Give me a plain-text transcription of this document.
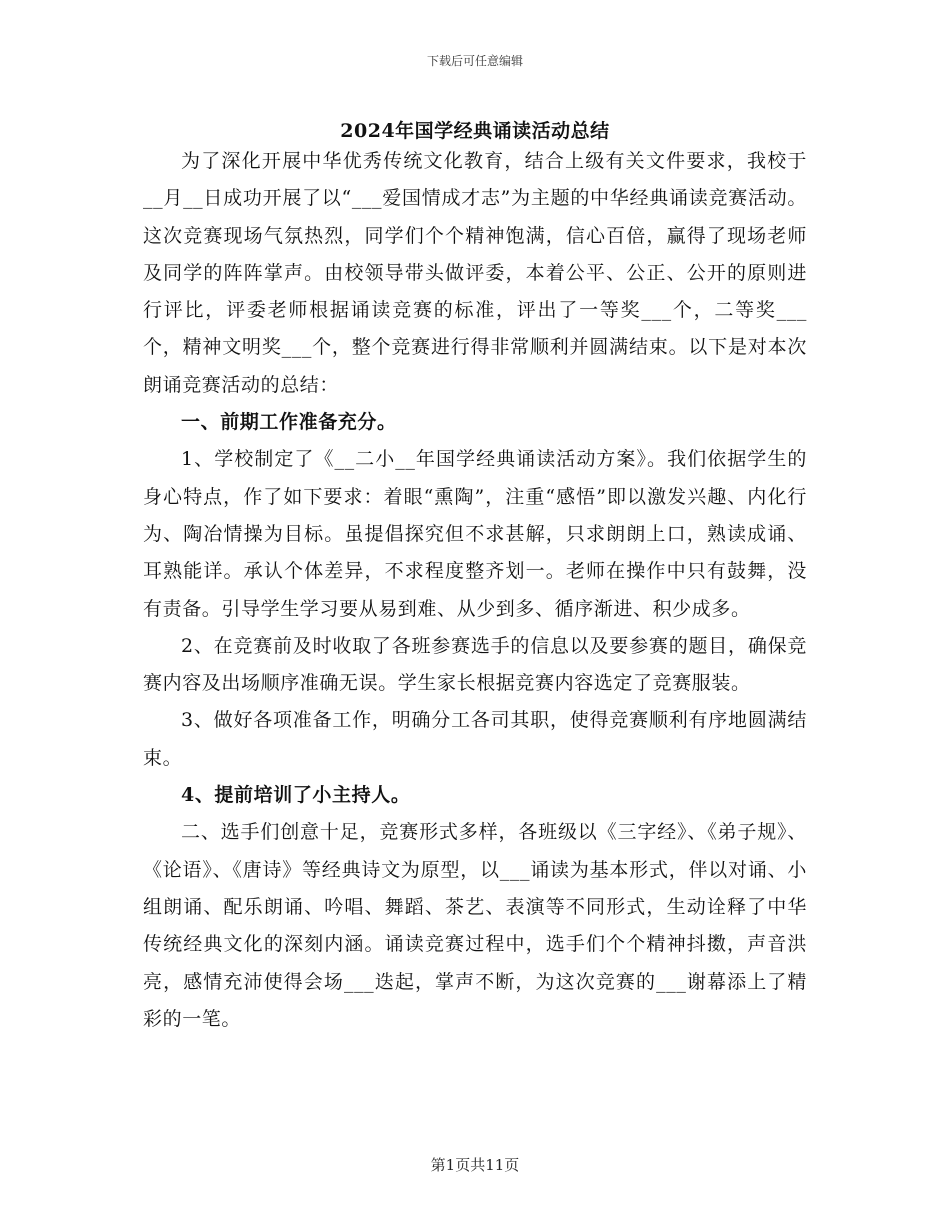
下载后可任意编辑
2024年国学经典诵读活动总结

为了深化开展中华优秀传统文化教育，结合上级有关文件要求，我校于__月__日成功开展了以“___爱国情成才志”为主题的中华经典诵读竞赛活动。这次竞赛现场气氛热烈，同学们个个精神饱满，信心百倍，赢得了现场老师及同学的阵阵掌声。由校领导带头做评委，本着公平、公正、公开的原则进行评比，评委老师根据诵读竞赛的标准，评出了一等奖___个，二等奖___个，精神文明奖___个，整个竞赛进行得非常顺利并圆满结束。以下是对本次朗诵竞赛活动的总结：

一、前期工作准备充分。

1、学校制定了《__二小__年国学经典诵读活动方案》。我们依据学生的身心特点，作了如下要求：着眼“熏陶”，注重“感悟”即以激发兴趣、内化行为、陶冶情操为目标。虽提倡探究但不求甚解，只求朗朗上口，熟读成诵、耳熟能详。承认个体差异，不求程度整齐划一。老师在操作中只有鼓舞，没有责备。引导学生学习要从易到难、从少到多、循序渐进、积少成多。

2、在竞赛前及时收取了各班参赛选手的信息以及要参赛的题目，确保竞赛内容及出场顺序准确无误。学生家长根据竞赛内容选定了竞赛服装。

3、做好各项准备工作，明确分工各司其职，使得竞赛顺利有序地圆满结束。

4、提前培训了小主持人。

二、选手们创意十足，竞赛形式多样，各班级以《三字经》、《弟子规》、《论语》、《唐诗》等经典诗文为原型，以___诵读为基本形式，伴以对诵、小组朗诵、配乐朗诵、吟唱、舞蹈、茶艺、表演等不同形式，生动诠释了中华传统经典文化的深刻内涵。诵读竞赛过程中，选手们个个精神抖擞，声音洪亮，感情充沛使得会场___迭起，掌声不断，为这次竞赛的___谢幕添上了精彩的一笔。

第1页共11页
